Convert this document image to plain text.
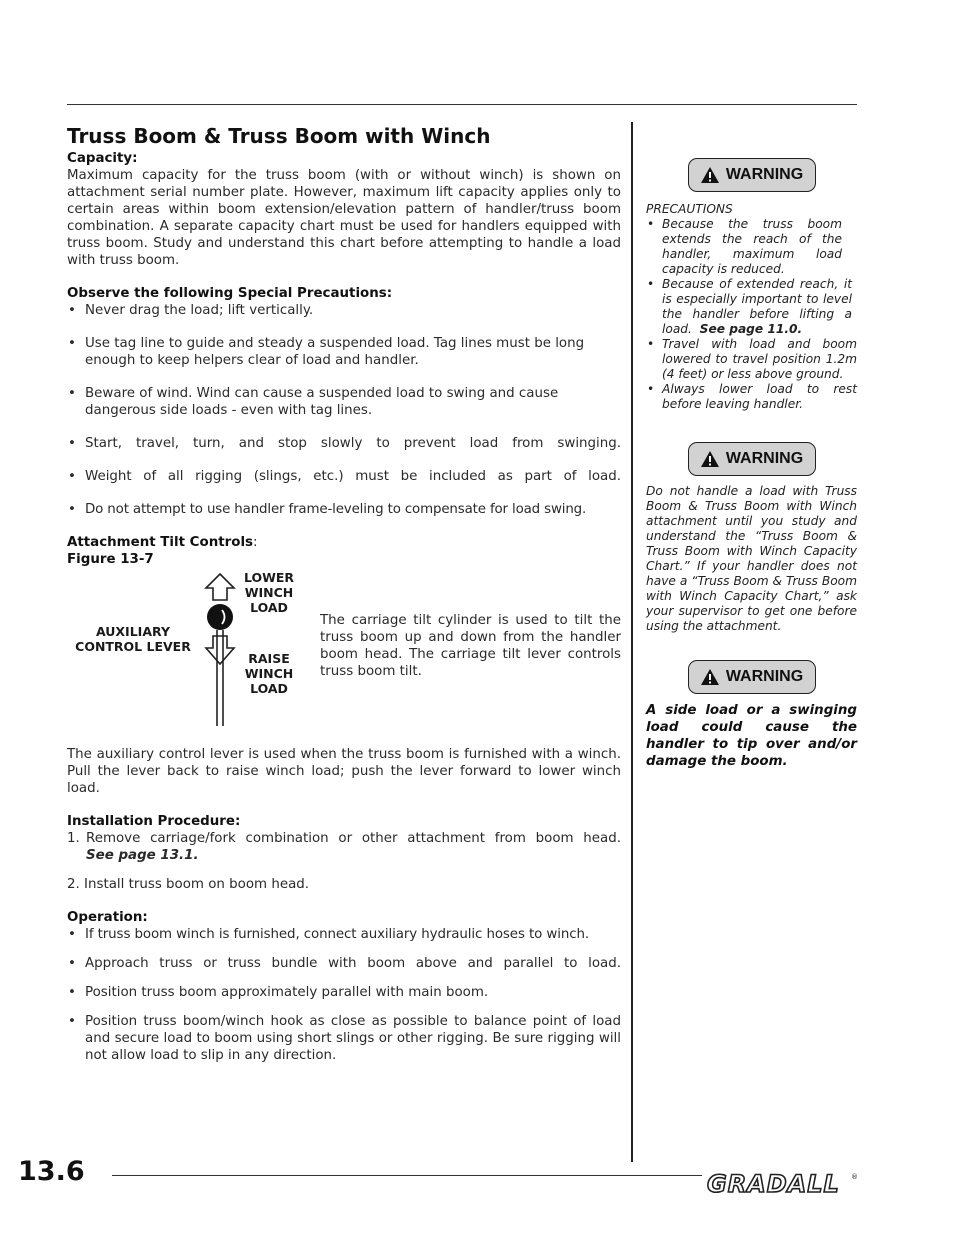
Truss Boom & Truss Boom with Winch
Capacity:
Maximum capacity for the truss boom (with or without winch) is shown on attachment serial number plate. However, maximum lift capacity applies only to certain areas within boom extension/elevation pattern of handler/truss boom combination. A separate capacity chart must be used for handlers equipped with truss boom. Study and understand this chart before attempting to handle a load with truss boom.
Observe the following Special Precautions:
• Never drag the load; lift vertically.
• Use tag line to guide and steady a suspended load. Tag lines must be long enough to keep helpers clear of load and handler.
• Beware of wind. Wind can cause a suspended load to swing and cause dangerous side loads - even with tag lines.
• Start, travel, turn, and stop slowly to prevent load from swinging.
• Weight of all rigging (slings, etc.) must be included as part of load.
• Do not attempt to use handler frame-leveling to compensate for load swing.
Attachment Tilt Controls:
Figure 13-7
LOWER WINCH LOAD
AUXILIARY CONTROL LEVER
RAISE WINCH LOAD
The carriage tilt cylinder is used to tilt the truss boom up and down from the handler boom head. The carriage tilt lever controls truss boom tilt.
The auxiliary control lever is used when the truss boom is furnished with a winch. Pull the lever back to raise winch load; push the lever forward to lower winch load.
Installation Procedure:
1. Remove carriage/fork combination or other attachment from boom head.
See page 13.1.
2. Install truss boom on boom head.
Operation:
• If truss boom winch is furnished, connect auxiliary hydraulic hoses to winch.
• Approach truss or truss bundle with boom above and parallel to load.
• Position truss boom approximately parallel with main boom.
• Position truss boom/winch hook as close as possible to balance point of load and secure load to boom using short slings or other rigging. Be sure rigging will not allow load to slip in any direction.
WARNING
PRECAUTIONS
• Because the truss boom extends the reach of the handler, maximum load capacity is reduced.
• Because of extended reach, it is especially important to level the handler before lifting a load. See page 11.0.
• Travel with load and boom lowered to travel position 1.2m (4 feet) or less above ground.
• Always lower load to rest before leaving handler.
WARNING
Do not handle a load with Truss Boom & Truss Boom with Winch attachment until you study and understand the “Truss Boom & Truss Boom with Winch Capacity Chart.” If your handler does not have a “Truss Boom & Truss Boom with Winch Capacity Chart,” ask your supervisor to get one before using the attachment.
WARNING
A side load or a swinging load could cause the handler to tip over and/or damage the boom.
13.6	GRADALL ®
